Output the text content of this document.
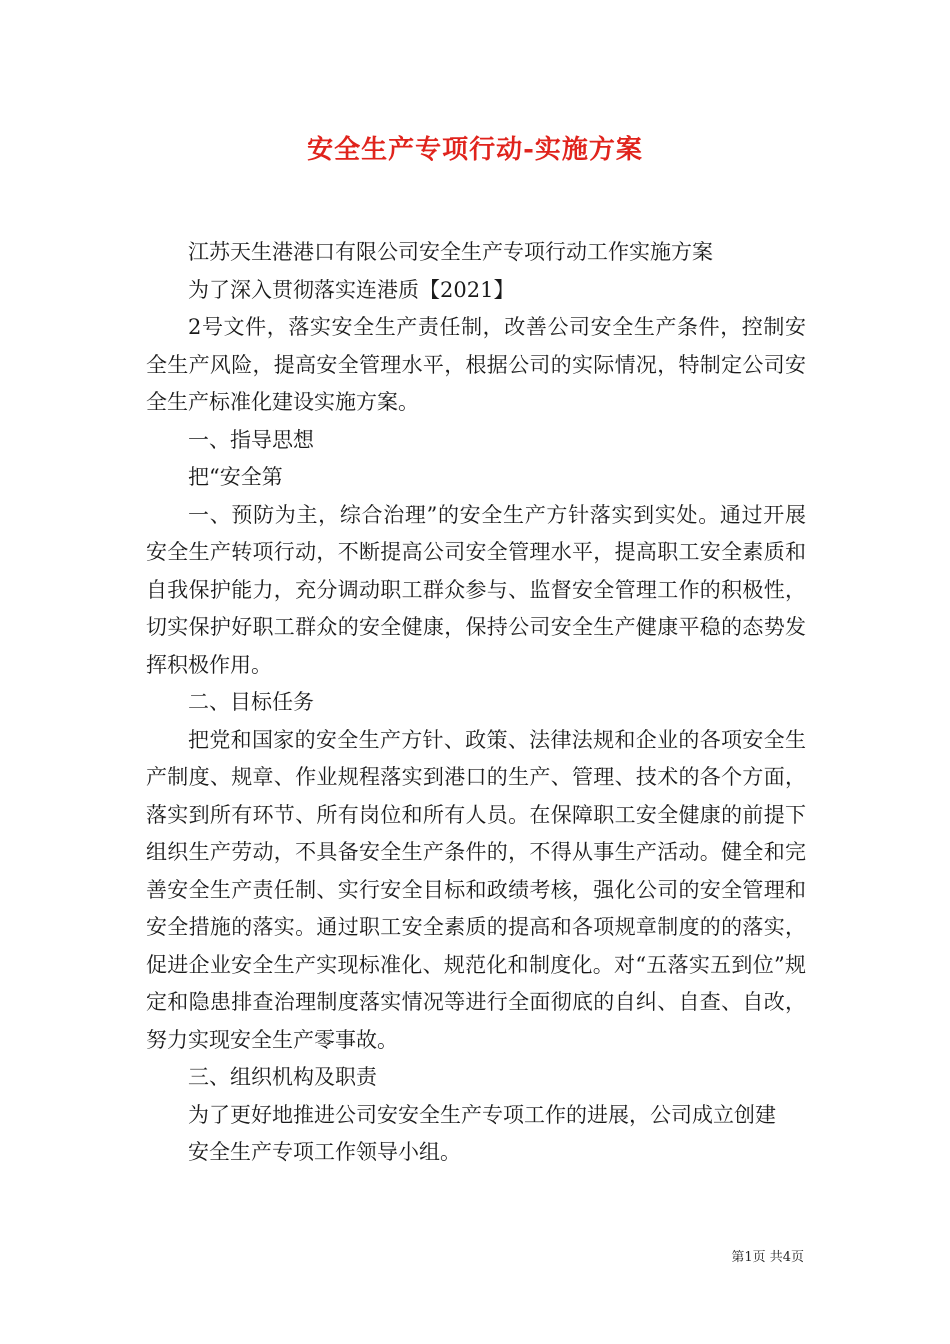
安全生产专项行动-实施方案

江苏天生港港口有限公司安全生产专项行动工作实施方案

为了深入贯彻落实连港质【2021】

2号文件，落实安全生产责任制，改善公司安全生产条件，控制安全生产风险，提高安全管理水平，根据公司的实际情况，特制定公司安全生产标准化建设实施方案。

一、指导思想

把“安全第

一、预防为主，综合治理”的安全生产方针落实到实处。通过开展安全生产转项行动，不断提高公司安全管理水平，提高职工安全素质和自我保护能力，充分调动职工群众参与、监督安全管理工作的积极性，切实保护好职工群众的安全健康，保持公司安全生产健康平稳的态势发挥积极作用。

二、目标任务

把党和国家的安全生产方针、政策、法律法规和企业的各项安全生产制度、规章、作业规程落实到港口的生产、管理、技术的各个方面，落实到所有环节、所有岗位和所有人员。在保障职工安全健康的前提下组织生产劳动，不具备安全生产条件的，不得从事生产活动。健全和完善安全生产责任制、实行安全目标和政绩考核，强化公司的安全管理和安全措施的落实。通过职工安全素质的提高和各项规章制度的的落实，促进企业安全生产实现标准化、规范化和制度化。对“五落实五到位”规定和隐患排查治理制度落实情况等进行全面彻底的自纠、自查、自改，努力实现安全生产零事故。

三、组织机构及职责

为了更好地推进公司安安全生产专项工作的进展，公司成立创建

安全生产专项工作领导小组。

第1页 共4页
